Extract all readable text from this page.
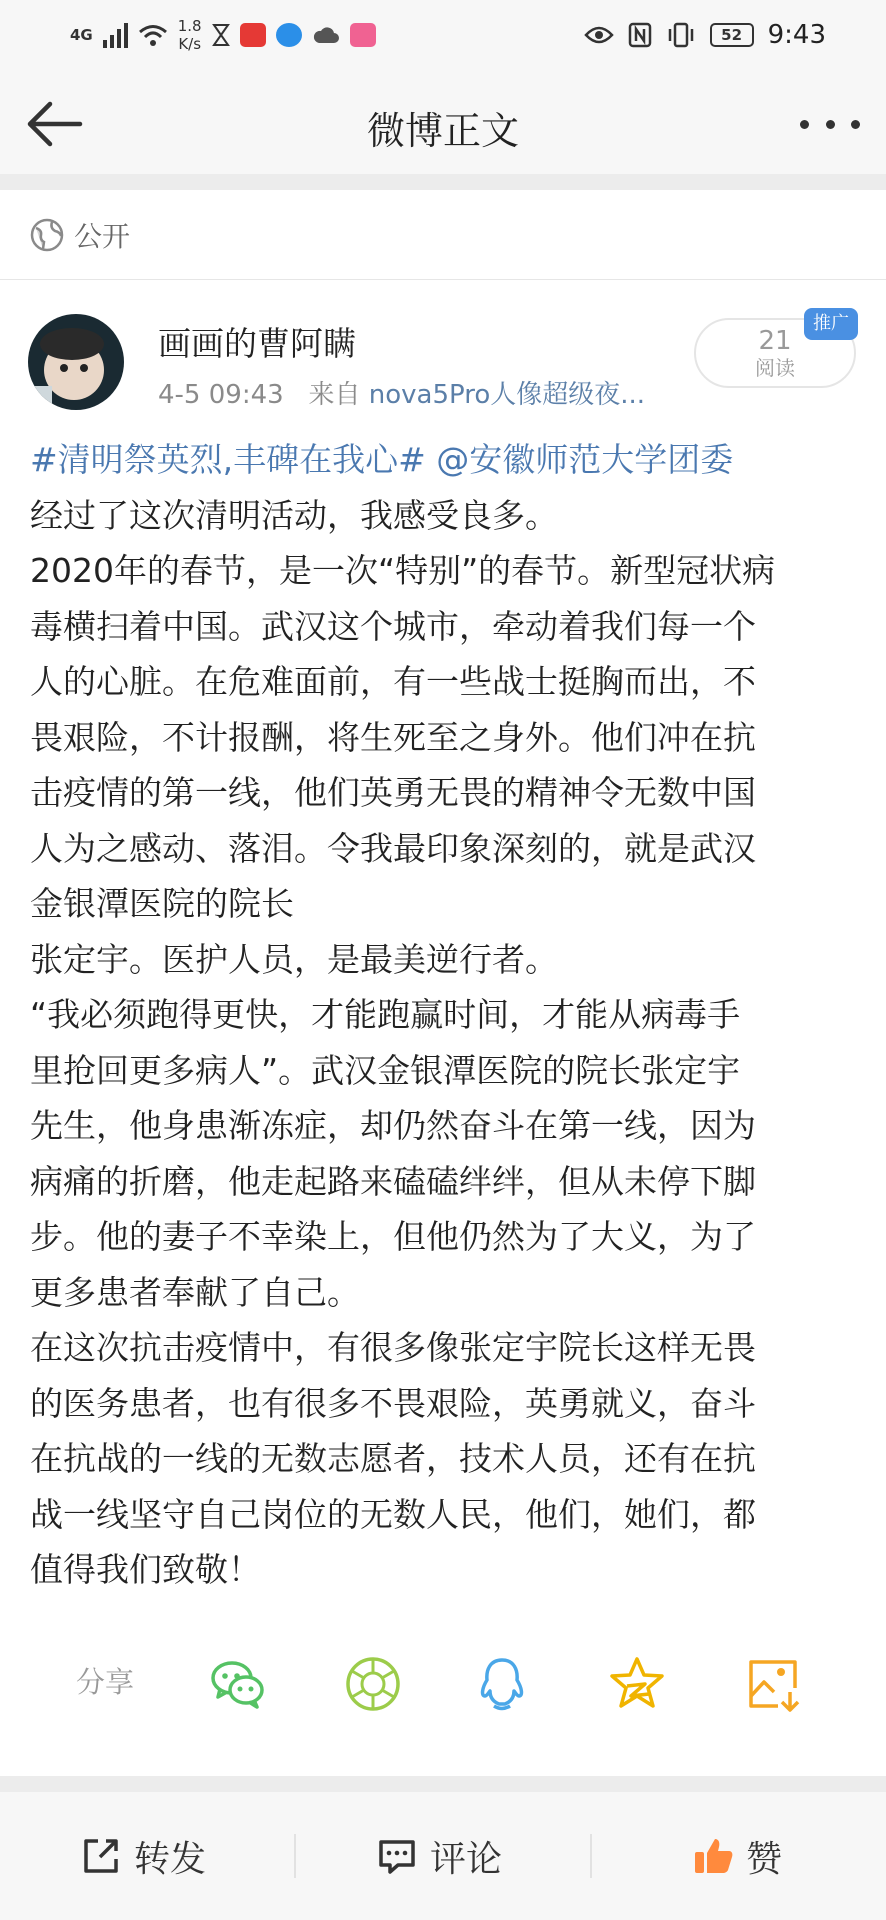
4G	1.8
K/s	52 9:43
微博正文
公开
画画的曹阿瞒
4-5 09:43 来自 nova5Pro人像超级夜...
21
阅读
推广

#清明祭英烈,丰碑在我心# @安徽师范大学团委

经过了这次清明活动，我感受良多。

2020年的春节，是一次“特别”的春节。新型冠状病

毒横扫着中国。武汉这个城市，牵动着我们每一个

人的心脏。在危难面前，有一些战士挺胸而出，不

畏艰险，不计报酬，将生死至之身外。他们冲在抗

击疫情的第一线，他们英勇无畏的精神令无数中国

人为之感动、落泪。令我最印象深刻的，就是武汉

金银潭医院的院长

张定宇。医护人员，是最美逆行者。

“我必须跑得更快，才能跑赢时间，才能从病毒手

里抢回更多病人”。武汉金银潭医院的院长张定宇

先生，他身患渐冻症，却仍然奋斗在第一线，因为

病痛的折磨，他走起路来磕磕绊绊，但从未停下脚

步。他的妻子不幸染上，但他仍然为了大义，为了

更多患者奉献了自己。

在这次抗击疫情中，有很多像张定宇院长这样无畏

的医务患者，也有很多不畏艰险，英勇就义，奋斗

在抗战的一线的无数志愿者，技术人员，还有在抗

战一线坚守自己岗位的无数人民，他们，她们，都

值得我们致敬！

分享
转发	评论	赞
